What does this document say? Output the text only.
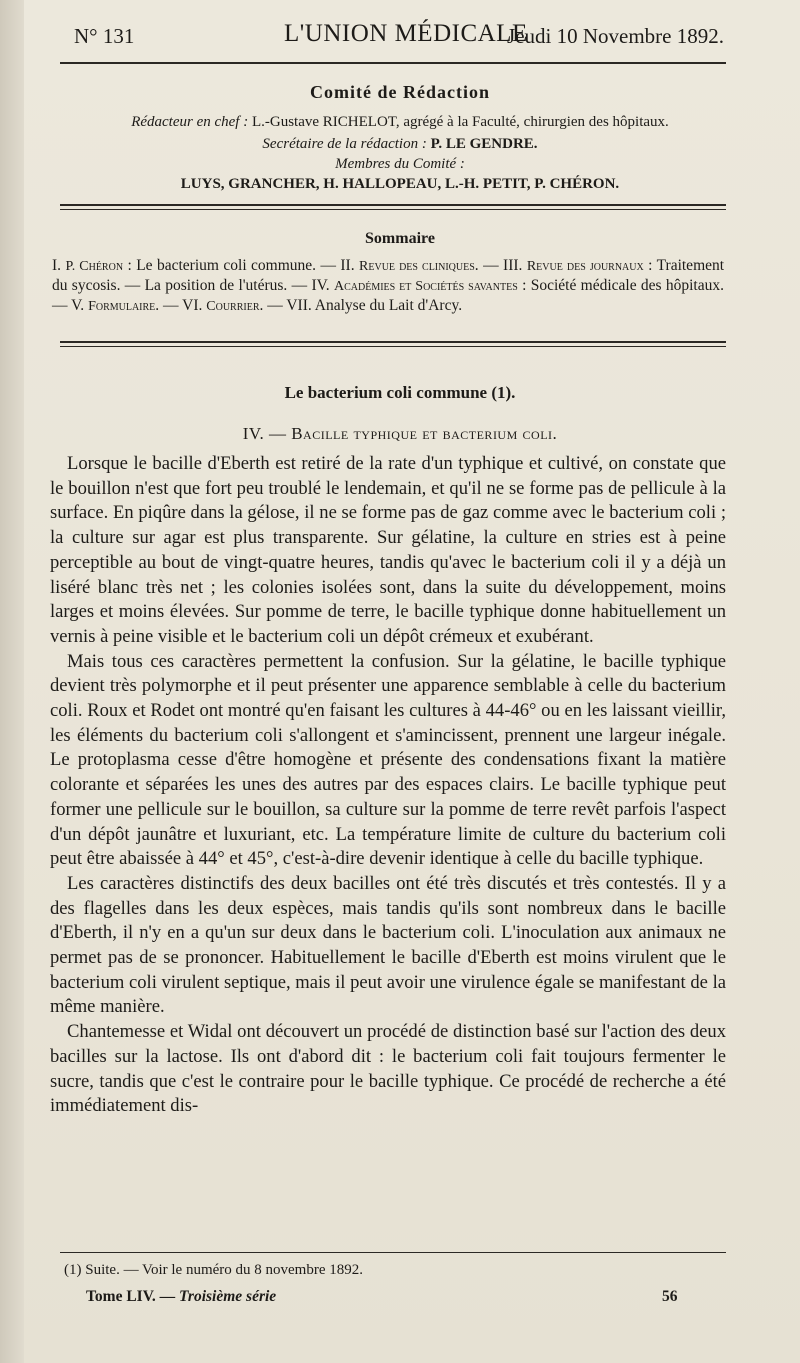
N° 131	L'UNION MÉDICALE
Jeudi 10 Novembre 1892.
Comité de Rédaction
Rédacteur en chef : L.-Gustave RICHELOT, agrégé à la Faculté, chirurgien des hôpitaux.
Secrétaire de la rédaction : P. LE GENDRE.
Membres du Comité :
LUYS, GRANCHER, H. HALLOPEAU, L.-H. PETIT, P. CHÉRON.
Sommaire
I. P. Chéron : Le bacterium coli commune. — II. Revue des cliniques. — III. Revue des journaux : Traitement du sycosis. — La position de l'utérus. — IV. Académies et Sociétés savantes : Société médicale des hôpitaux. — V. Formulaire. — VI. Courrier. — VII. Analyse du Lait d'Arcy.
Le bacterium coli commune (1).
IV. — Bacille typhique et bacterium coli.

Lorsque le bacille d'Eberth est retiré de la rate d'un typhique et cultivé, on constate que le bouillon n'est que fort peu troublé le lendemain, et qu'il ne se forme pas de pellicule à la surface. En piqûre dans la gélose, il ne se forme pas de gaz comme avec le bacterium coli ; la culture sur agar est plus transparente. Sur gélatine, la culture en stries est à peine perceptible au bout de vingt-quatre heures, tandis qu'avec le bacterium coli il y a déjà un liséré blanc très net ; les colonies isolées sont, dans la suite du développement, moins larges et moins élevées. Sur pomme de terre, le bacille typhique donne habituellement un vernis à peine visible et le bacterium coli un dépôt crémeux et exubérant.

Mais tous ces caractères permettent la confusion. Sur la gélatine, le bacille typhique devient très polymorphe et il peut présenter une apparence semblable à celle du bacterium coli. Roux et Rodet ont montré qu'en faisant les cultures à 44-46° ou en les laissant vieillir, les éléments du bacterium coli s'allongent et s'amincissent, prennent une largeur inégale. Le protoplasma cesse d'être homogène et présente des condensations fixant la matière colorante et séparées les unes des autres par des espaces clairs. Le bacille typhique peut former une pellicule sur le bouillon, sa culture sur la pomme de terre revêt parfois l'aspect d'un dépôt jaunâtre et luxuriant, etc. La température limite de culture du bacterium coli peut être abaissée à 44° et 45°, c'est-à-dire devenir identique à celle du bacille typhique.

Les caractères distinctifs des deux bacilles ont été très discutés et très contestés. Il y a des flagelles dans les deux espèces, mais tandis qu'ils sont nombreux dans le bacille d'Eberth, il n'y en a qu'un sur deux dans le bacterium coli. L'inoculation aux animaux ne permet pas de se prononcer. Habituellement le bacille d'Eberth est moins virulent que le bacterium coli virulent septique, mais il peut avoir une virulence égale se manifestant de la même manière.

Chantemesse et Widal ont découvert un procédé de distinction basé sur l'action des deux bacilles sur la lactose. Ils ont d'abord dit : le bacterium coli fait toujours fermenter le sucre, tandis que c'est le contraire pour le bacille typhique. Ce procédé de recherche a été immédiatement dis-

(1) Suite. — Voir le numéro du 8 novembre 1892.
Tome LIV. — Troisième série	56
